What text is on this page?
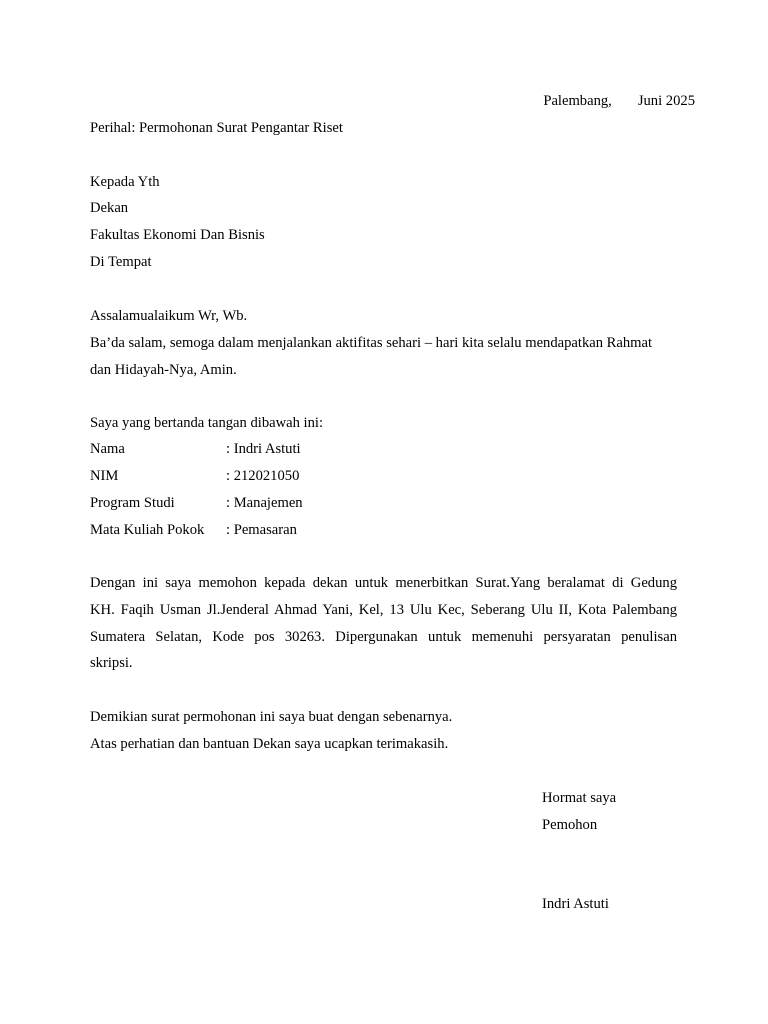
Palembang, Juni 2025
Perihal: Permohonan Surat Pengantar Riset
Kepada Yth
Dekan
Fakultas Ekonomi Dan Bisnis
Di Tempat
Assalamualaikum Wr, Wb.
Ba’da salam, semoga dalam menjalankan aktifitas sehari – hari kita selalu mendapatkan Rahmat
dan Hidayah-Nya, Amin.
Saya yang bertanda tangan dibawah ini:
Nama	: Indri Astuti
NIM	: 212021050
Program Studi	: Manajemen
Mata Kuliah Pokok : Pemasaran
Dengan ini saya memohon kepada dekan untuk menerbitkan Surat.Yang beralamat di Gedung
KH. Faqih Usman Jl.Jenderal Ahmad Yani, Kel, 13 Ulu Kec, Seberang Ulu II, Kota Palembang
Sumatera Selatan, Kode pos 30263. Dipergunakan untuk memenuhi persyaratan penulisan
skripsi.
Demikian surat permohonan ini saya buat dengan sebenarnya.
Atas perhatian dan bantuan Dekan saya ucapkan terimakasih.
Hormat saya
Pemohon
Indri Astuti
